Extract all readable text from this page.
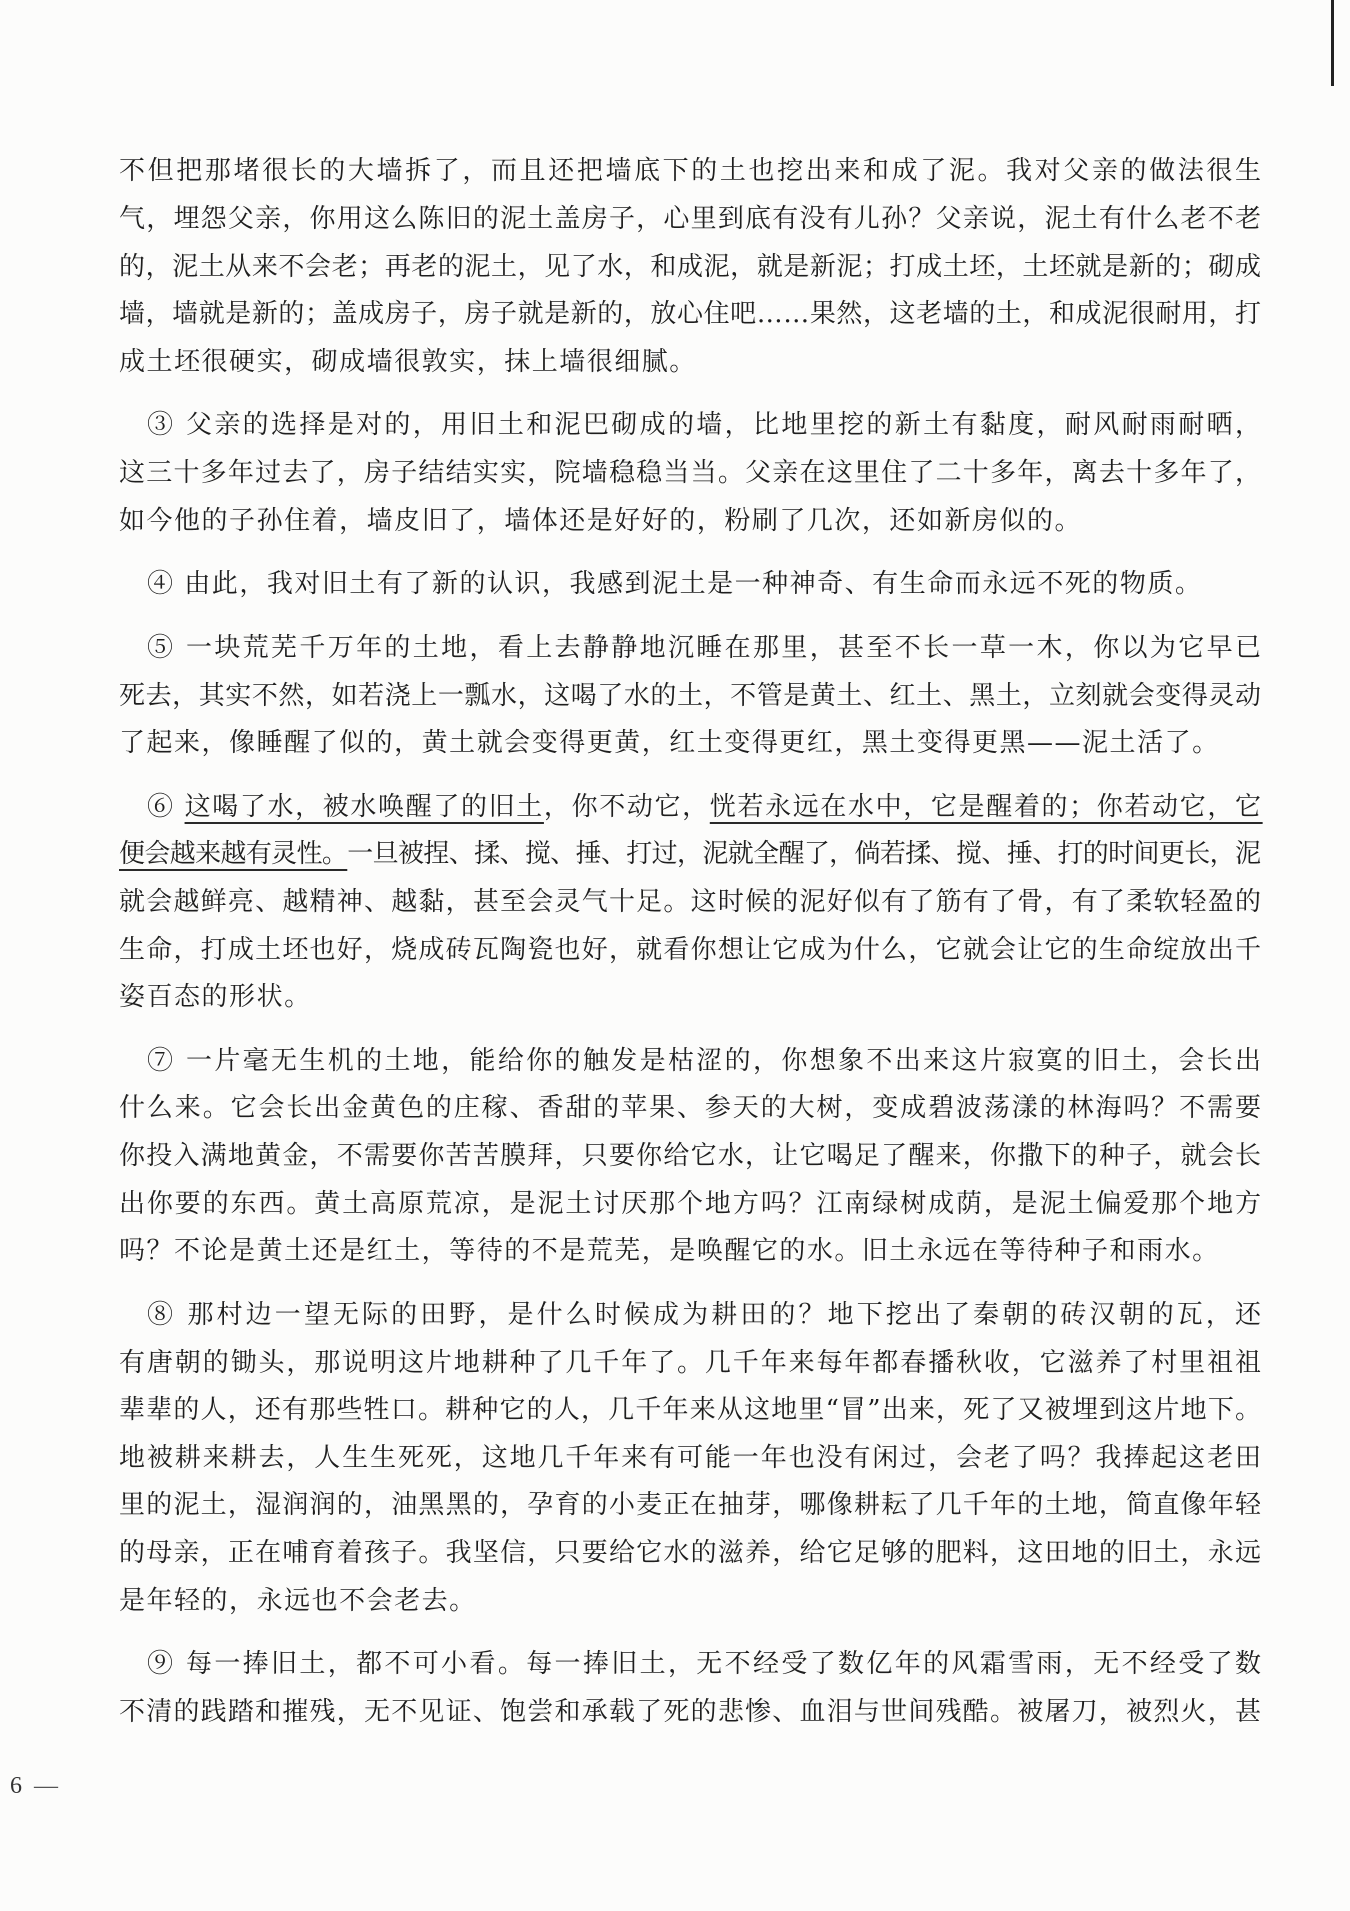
不但把那堵很长的大墙拆了，而且还把墙底下的土也挖出来和成了泥。我对父亲的做法很生
气，埋怨父亲，你用这么陈旧的泥土盖房子，心里到底有没有儿孙？父亲说，泥土有什么老不老
的，泥土从来不会老；再老的泥土，见了水，和成泥，就是新泥；打成土坯，土坯就是新的；砌成
墙，墙就是新的；盖成房子，房子就是新的，放心住吧……果然，这老墙的土，和成泥很耐用，打
成土坯很硬实，砌成墙很敦实，抹上墙很细腻。
③ 父亲的选择是对的，用旧土和泥巴砌成的墙，比地里挖的新土有黏度，耐风耐雨耐晒，
这三十多年过去了，房子结结实实，院墙稳稳当当。父亲在这里住了二十多年，离去十多年了，
如今他的子孙住着，墙皮旧了，墙体还是好好的，粉刷了几次，还如新房似的。
④ 由此，我对旧土有了新的认识，我感到泥土是一种神奇、有生命而永远不死的物质。
⑤ 一块荒芜千万年的土地，看上去静静地沉睡在那里，甚至不长一草一木，你以为它早已
死去，其实不然，如若浇上一瓢水，这喝了水的土，不管是黄土、红土、黑土，立刻就会变得灵动
了起来，像睡醒了似的，黄土就会变得更黄，红土变得更红，黑土变得更黑——泥土活了。
⑥ 这喝了水，被水唤醒了的旧土，你不动它，恍若永远在水中，它是醒着的；你若动它，它
便会越来越有灵性。一旦被捏、揉、搅、捶、打过，泥就全醒了，倘若揉、搅、捶、打的时间更长，泥
就会越鲜亮、越精神、越黏，甚至会灵气十足。这时候的泥好似有了筋有了骨，有了柔软轻盈的
生命，打成土坯也好，烧成砖瓦陶瓷也好，就看你想让它成为什么，它就会让它的生命绽放出千
姿百态的形状。
⑦ 一片毫无生机的土地，能给你的触发是枯涩的，你想象不出来这片寂寞的旧土，会长出
什么来。它会长出金黄色的庄稼、香甜的苹果、参天的大树，变成碧波荡漾的林海吗？不需要
你投入满地黄金，不需要你苦苦膜拜，只要你给它水，让它喝足了醒来，你撒下的种子，就会长
出你要的东西。黄土高原荒凉，是泥土讨厌那个地方吗？江南绿树成荫，是泥土偏爱那个地方
吗？不论是黄土还是红土，等待的不是荒芜，是唤醒它的水。旧土永远在等待种子和雨水。
⑧ 那村边一望无际的田野，是什么时候成为耕田的？地下挖出了秦朝的砖汉朝的瓦，还
有唐朝的锄头，那说明这片地耕种了几千年了。几千年来每年都春播秋收，它滋养了村里祖祖
辈辈的人，还有那些牲口。耕种它的人，几千年来从这地里“冒”出来，死了又被埋到这片地下。
地被耕来耕去，人生生死死，这地几千年来有可能一年也没有闲过，会老了吗？我捧起这老田
里的泥土，湿润润的，油黑黑的，孕育的小麦正在抽芽，哪像耕耘了几千年的土地，简直像年轻
的母亲，正在哺育着孩子。我坚信，只要给它水的滋养，给它足够的肥料，这田地的旧土，永远
是年轻的，永远也不会老去。
⑨ 每一捧旧土，都不可小看。每一捧旧土，无不经受了数亿年的风霜雪雨，无不经受了数
不清的践踏和摧残，无不见证、饱尝和承载了死的悲惨、血泪与世间残酷。被屠刀，被烈火，甚
6 —
